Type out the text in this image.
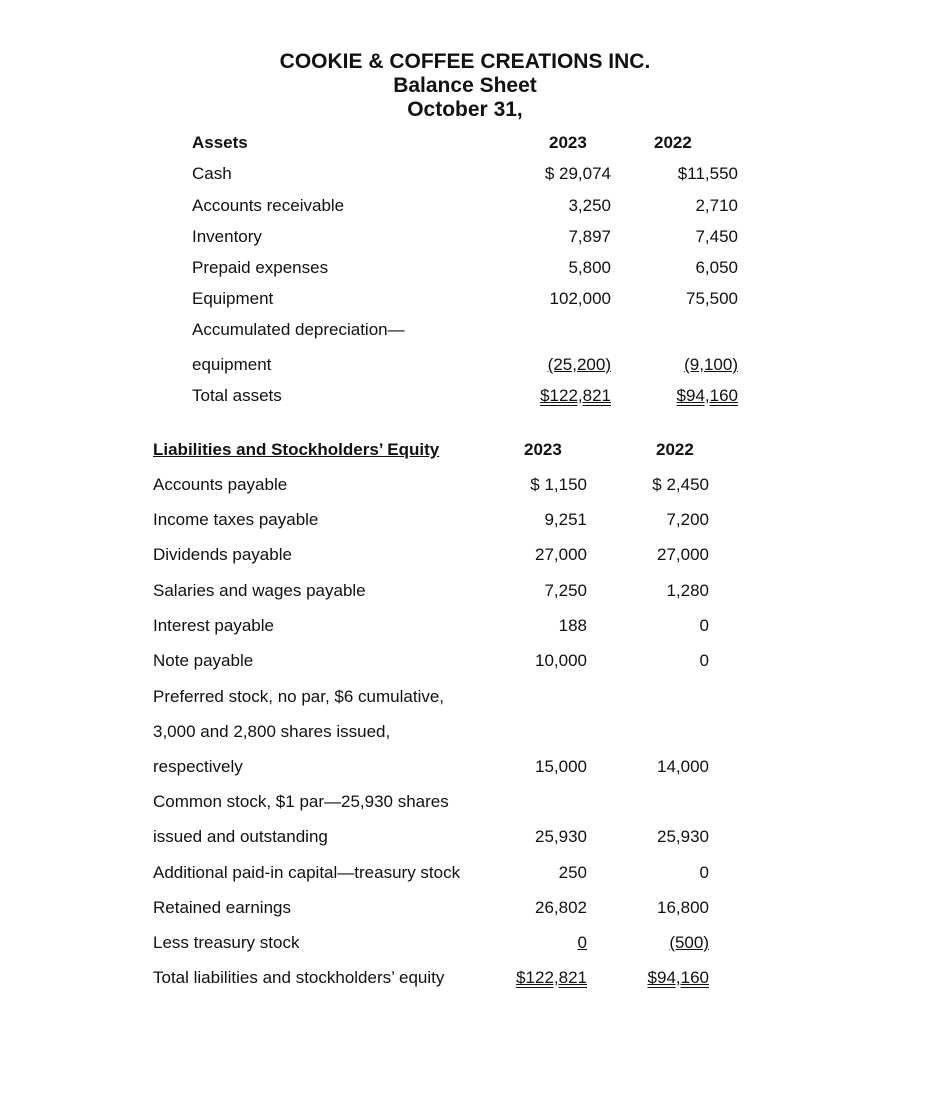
COOKIE & COFFEE CREATIONS INC.
Balance Sheet
October 31,
Assets	2023	2022
Cash	$ 29,074	$11,550
Accounts receivable	3,250	2,710
Inventory	7,897	7,450
Prepaid expenses	5,800	6,050
Equipment	102,000	75,500
Accumulated depreciation—
equipment	(25,200)	(9,100)
Total assets	$122,821	$94,160
Liabilities and Stockholders’ Equity	2023	2022
Accounts payable	$ 1,150	$ 2,450
Income taxes payable	9,251	7,200
Dividends payable	27,000	27,000
Salaries and wages payable	7,250	1,280
Interest payable	188	0
Note payable	10,000	0
Preferred stock, no par, $6 cumulative,
3,000 and 2,800 shares issued,
respectively	15,000	14,000
Common stock, $1 par—25,930 shares
issued and outstanding	25,930	25,930
Additional paid-in capital—treasury stock	250	0
Retained earnings	26,802	16,800
Less treasury stock	0	(500)
Total liabilities and stockholders’ equity	$122,821	$94,160
